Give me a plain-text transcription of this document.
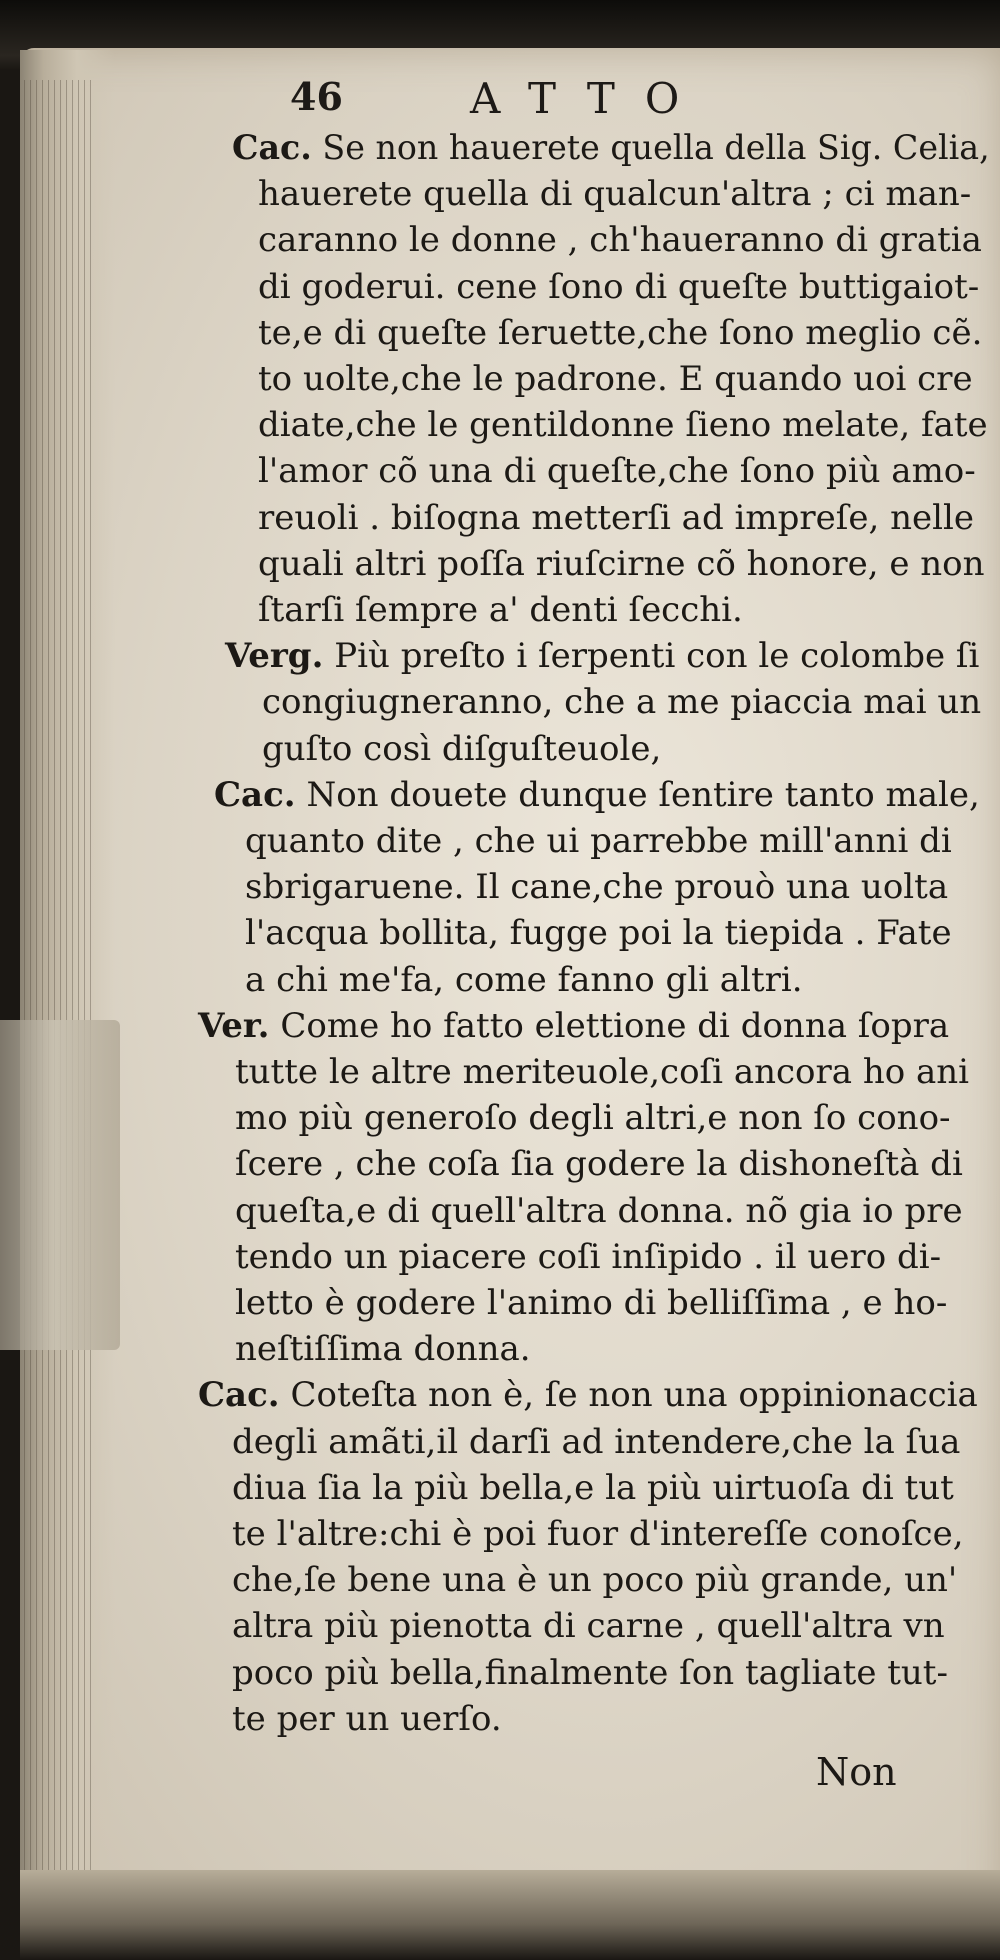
46	ATTO
Cac. Se non hauerete quella della Sig. Celia,
hauerete quella di qualcun'altra ; ci man-
caranno le donne , ch'haueranno di gratia
di goderui. cene ſono di queſte buttigaiot-
te,e di queſte ſeruette,che ſono meglio cẽ.
to uolte,che le padrone. E quando uoi cre
diate,che le gentildonne ſieno melate, fate
l'amor cõ una di queſte,che ſono più amo-
reuoli . biſogna metterſi ad impreſe, nelle
quali altri poſſa riuſcirne cõ honore, e non
ſtarſi ſempre a' denti ſecchi.
Verg. Più preſto i ſerpenti con le colombe ſi
congiugneranno, che a me piaccia mai un
guſto così diſguſteuole,
Cac. Non douete dunque ſentire tanto male,
quanto dite , che ui parrebbe mill'anni di
sbrigaruene. Il cane,che prouò una uolta
l'acqua bollita, fugge poi la tiepida . Fate
a chi me'fa, come fanno gli altri.
Ver. Come ho fatto elettione di donna ſopra
tutte le altre meriteuole,coſi ancora ho ani
mo più generoſo degli altri,e non ſo cono-
ſcere , che coſa ſia godere la dishoneſtà di
queſta,e di quell'altra donna. nõ gia io pre
tendo un piacere coſi inſipido . il uero di-
letto è godere l'animo di belliſſima , e ho-
neſtiſſima donna.
Cac. Coteſta non è, ſe non una oppinionaccia
degli amãti,il darſi ad intendere,che la ſua
diua ſia la più bella,e la più uirtuoſa di tut
te l'altre:chi è poi fuor d'intereſſe conoſce,
che,ſe bene una è un poco più grande, un'
altra più pienotta di carne , quell'altra vn
poco più bella,finalmente ſon tagliate tut-
te per un uerſo.
Non
